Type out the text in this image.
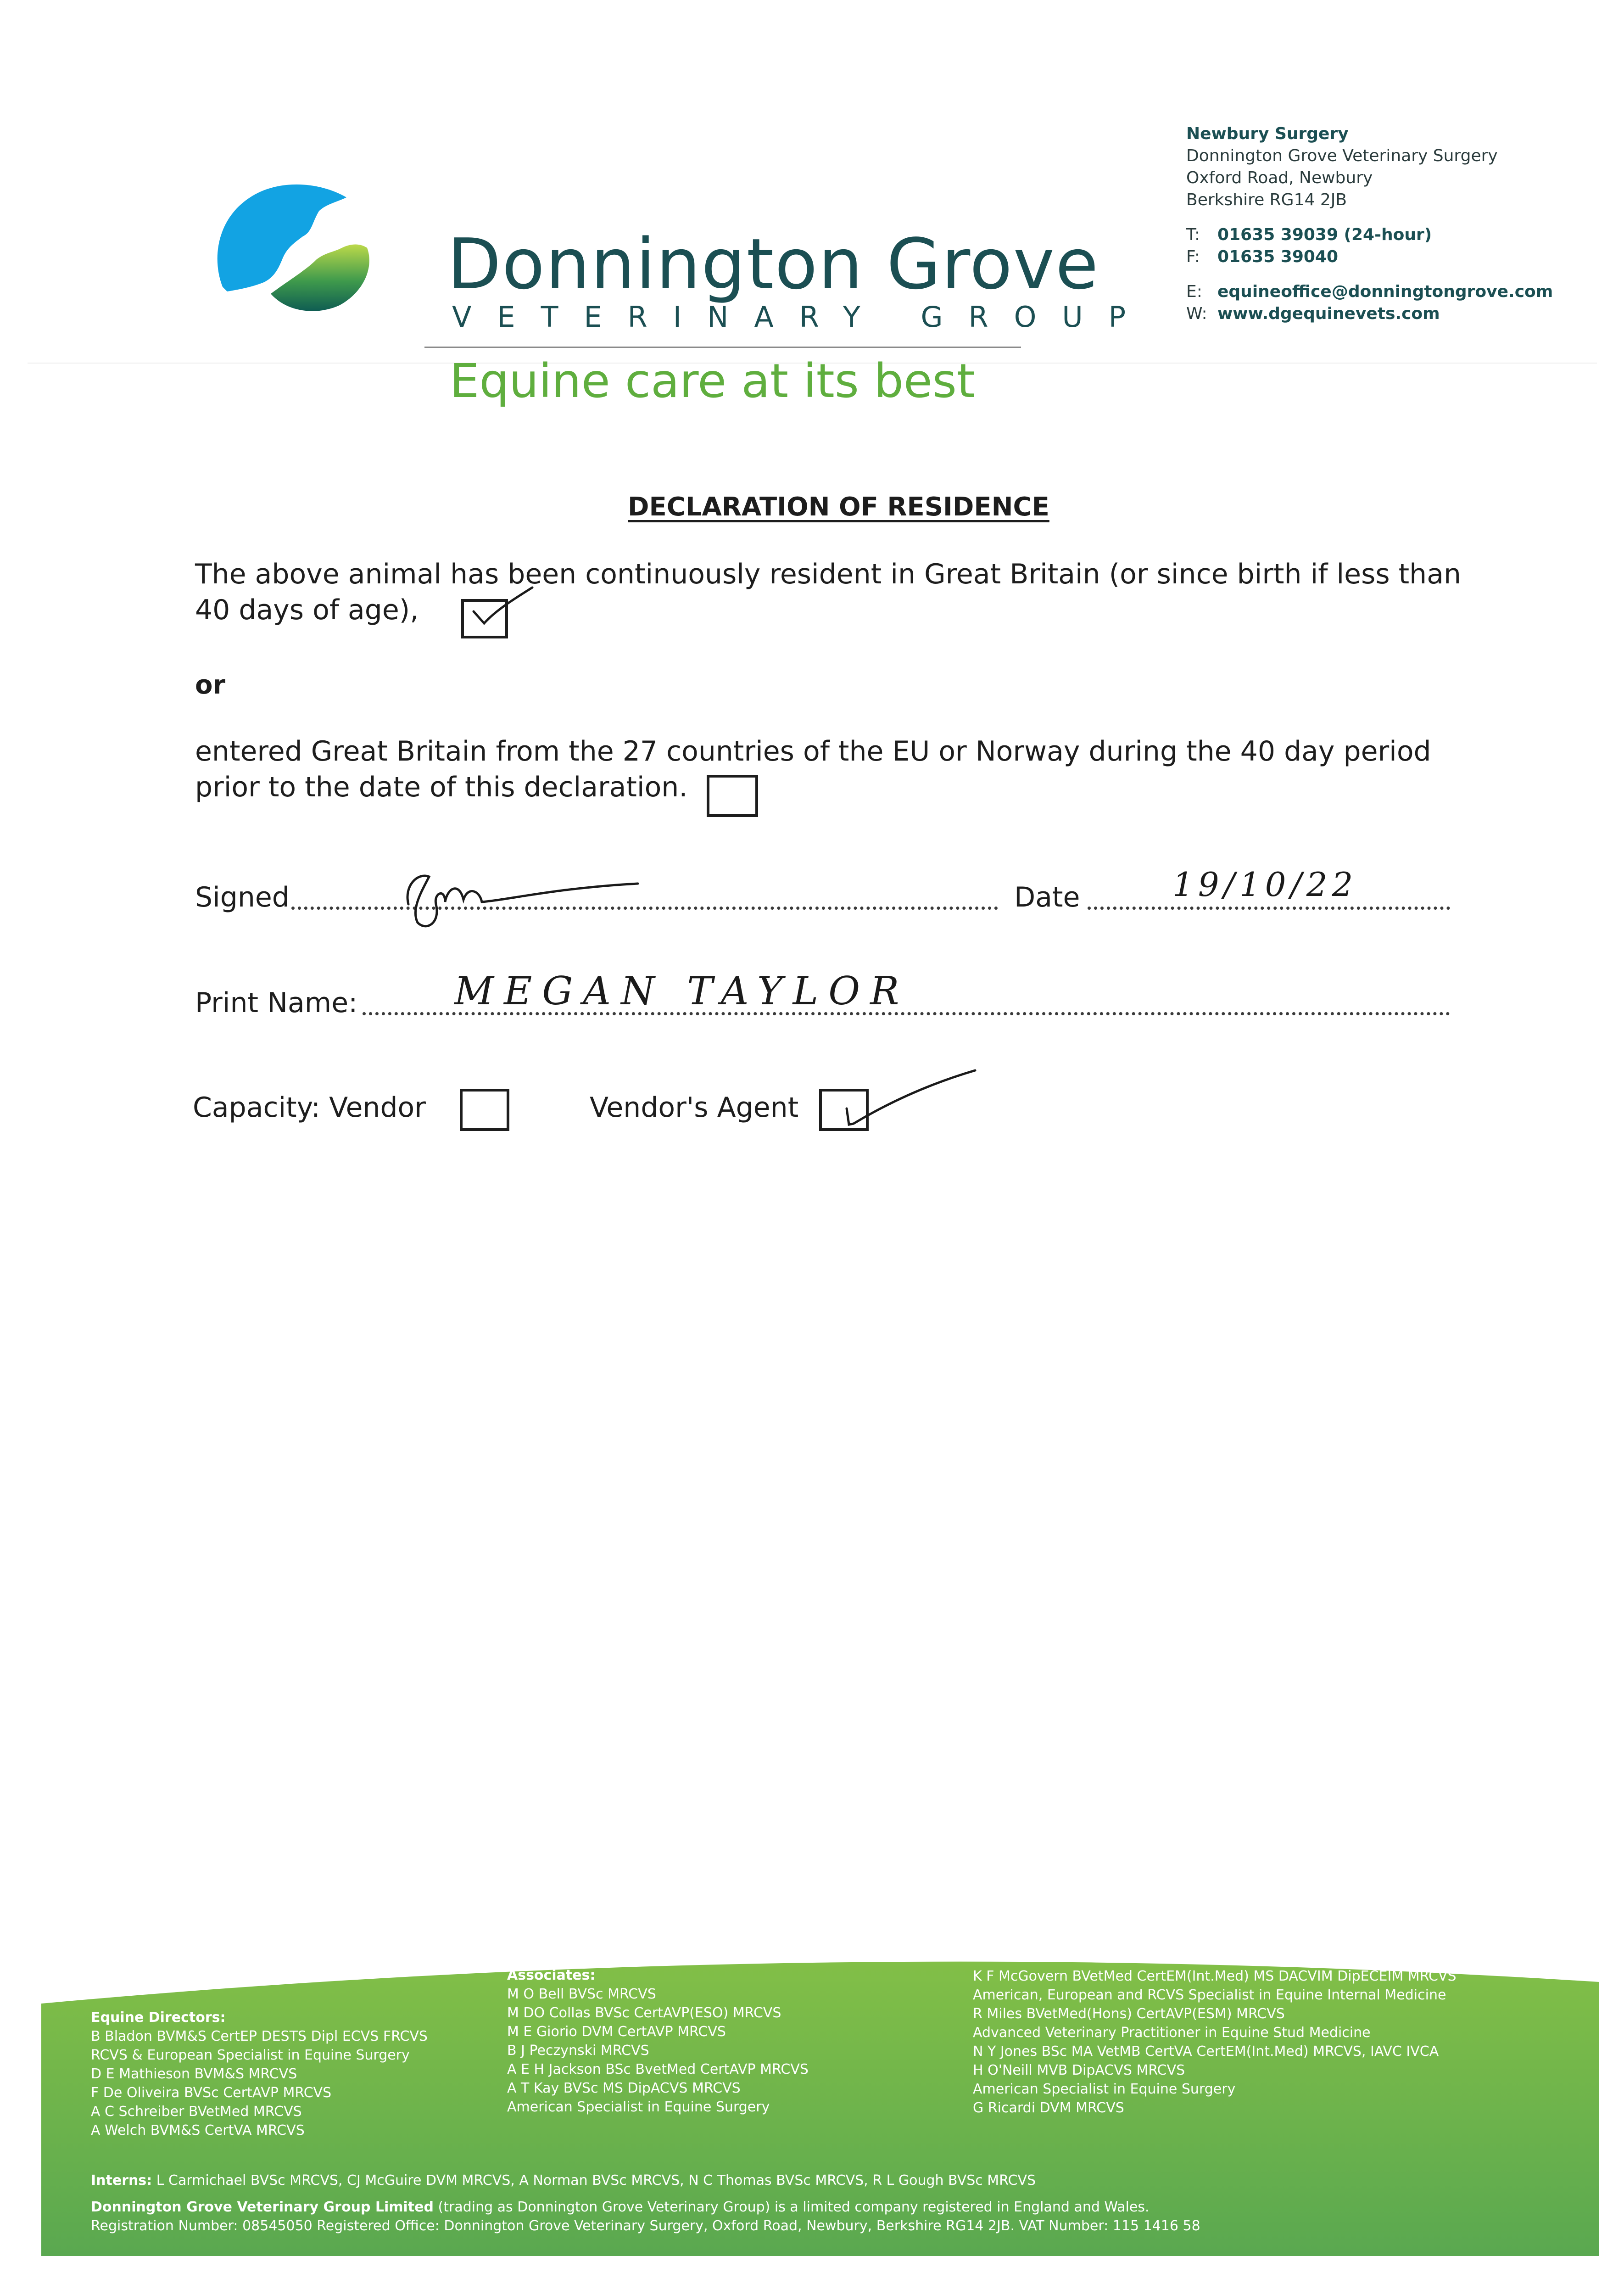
Donnington Grove
VETERINARY GROUP
Equine care at its best
Newbury Surgery
Donnington Grove Veterinary Surgery
Oxford Road, Newbury
Berkshire RG14 2JB
T: 01635 39039 (24-hour)
F: 01635 39040
E: equineoffice@donningtongrove.com
W: www.dgequinevets.com
DECLARATION OF RESIDENCE
The above animal has been continuously resident in Great Britain (or since birth if less than
40 days of age),
or
entered Great Britain from the 27 countries of the EU or Norway during the 40 day period
prior to the date of this declaration.
Signed	Date	19/10/22
Print Name:	MEGAN TAYLOR
Capacity: Vendor	Vendor's Agent
Equine Directors:
B Bladon BVM&S CertEP DESTS Dipl ECVS FRCVS
RCVS & European Specialist in Equine Surgery
D E Mathieson BVM&S MRCVS
F De Oliveira BVSc CertAVP MRCVS
A C Schreiber BVetMed MRCVS
A Welch BVM&S CertVA MRCVS
Associates:
M O Bell BVSc MRCVS
M DO Collas BVSc CertAVP(ESO) MRCVS
M E Giorio DVM CertAVP MRCVS
B J Peczynski MRCVS
A E H Jackson BSc BvetMed CertAVP MRCVS
A T Kay BVSc MS DipACVS MRCVS
American Specialist in Equine Surgery
K F McGovern BVetMed CertEM(Int.Med) MS DACVIM DipECEIM MRCVS
American, European and RCVS Specialist in Equine Internal Medicine
R Miles BVetMed(Hons) CertAVP(ESM) MRCVS
Advanced Veterinary Practitioner in Equine Stud Medicine
N Y Jones BSc MA VetMB CertVA CertEM(Int.Med) MRCVS, IAVC IVCA
H O'Neill MVB DipACVS MRCVS
American Specialist in Equine Surgery
G Ricardi DVM MRCVS
Interns: L Carmichael BVSc MRCVS, CJ McGuire DVM MRCVS, A Norman BVSc MRCVS, N C Thomas BVSc MRCVS, R L Gough BVSc MRCVS
Donnington Grove Veterinary Group Limited (trading as Donnington Grove Veterinary Group) is a limited company registered in England and Wales.
Registration Number: 08545050 Registered Office: Donnington Grove Veterinary Surgery, Oxford Road, Newbury, Berkshire RG14 2JB. VAT Number: 115 1416 58
